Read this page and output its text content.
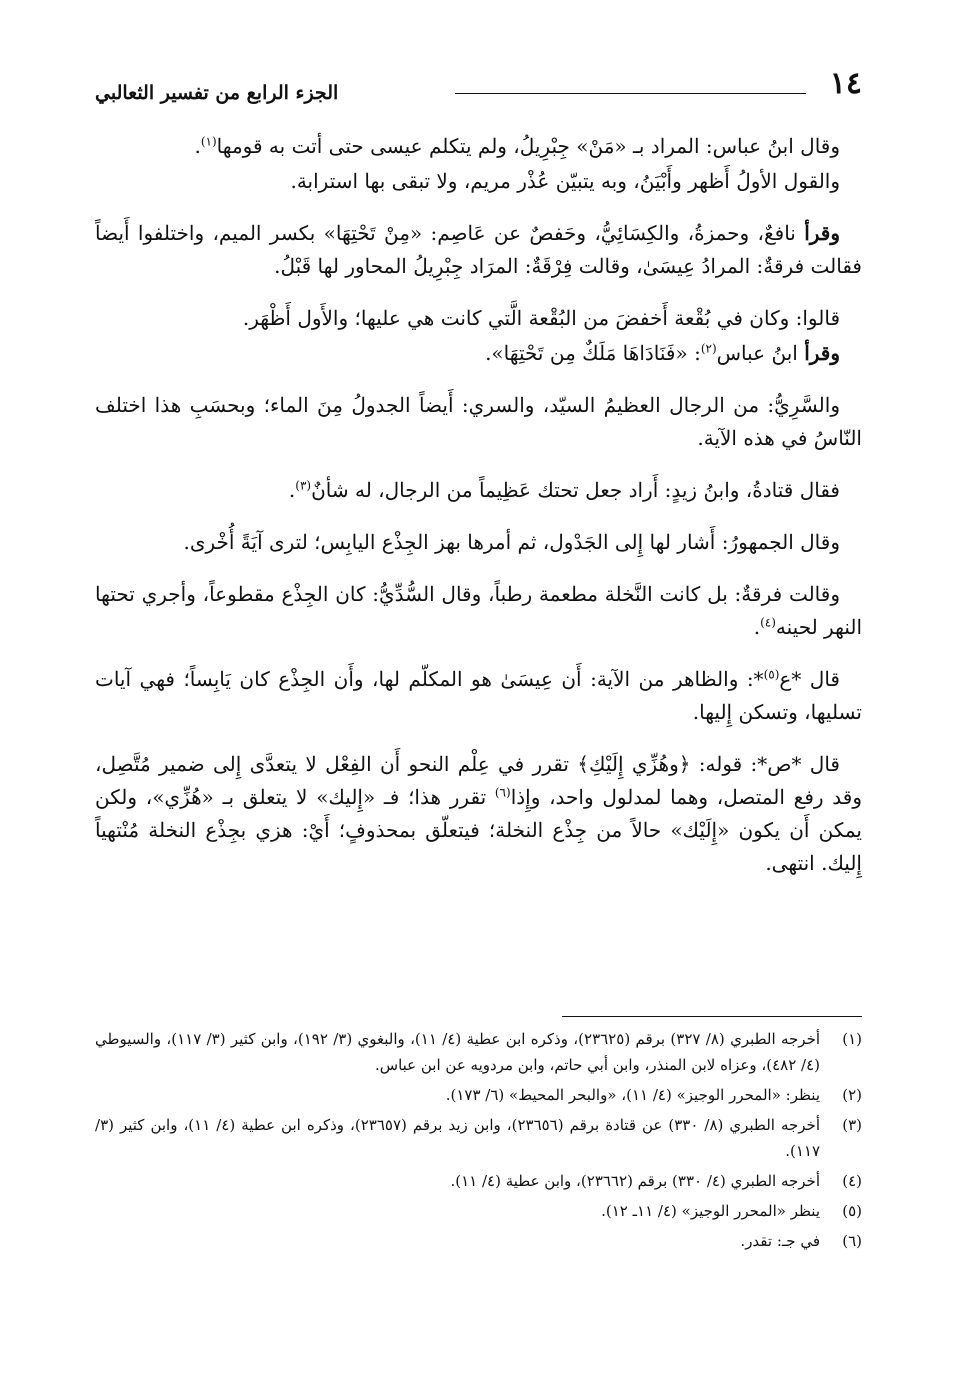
١٤
الجزء الرابع من تفسير الثعالبي

وقال ابنُ عباس: المراد بـ «مَنْ» جِبْرِيلُ، ولم يتكلم عيسى حتى أتت به قومها$^{(١)}$.

والقول الأولُ أَظهر وأَبْيَنُ، وبه يتبيّن عُذْر مريم، ولا تبقى بها استرابة.

وقرأ نافعٌ، وحمزةُ، والكِسَائِيُّ، وحَفصٌ عن عَاصِم: «مِنْ تَحْتِهَا» بكسر الميم، واختلفوا أَيضاً فقالت فرقةٌ: المرادُ عِيسَىٰ، وقالت فِرْقَةٌ: المرَاد جِبْرِيلُ المحاور لها قَبْلُ.

قالوا: وكان في بُقْعة أَخفضَ من البُقْعة الَّتي كانت هي عليها؛ والأَول أَظْهَر.

وقرأ ابنُ عباس$^{(٢)}$: «فَنَادَاهَا مَلَكٌ مِن تَحْتِهَا».

والسَّرِيُّ: من الرجال العظيمُ السيّد، والسري: أَيضاً الجدولُ مِنَ الماء؛ وبحسَبِ هذا اختلف النّاسُ في هذه الآية.

فقال قتادةُ، وابنُ زيدٍ: أَراد جعل تحتك عَظِيماً من الرجال، له شأنٌ$^{(٣)}$.

وقال الجمهورُ: أَشار لها إِلى الجَدْول، ثم أمرها بهز الجِذْع اليابِس؛ لترى آيَةً أُخْرى.

وقالت فرقةٌ: بل كانت النَّخلة مطعمة رطباً، وقال السُّدِّيُّ: كان الجِذْع مقطوعاً، وأجري تحتها النهر لحينه$^{(٤)}$.

قال *ع$^{(٥)}$*: والظاهر من الآية: أَن عِيسَىٰ هو المكلّم لها، وأَن الجِذْع كان يَابِساً؛ فهي آيات تسليها، وتسكن إِليها.

قال *ص*: قوله: ﴿وهُزِّي إِلَيْكِ﴾ تقرر في عِلْم النحو أَن الفِعْل لا يتعدَّى إِلى ضمير مُتَّصِل، وقد رفع المتصل، وهما لمدلول واحد، وإِذا$^{(٦)}$ تقرر هذا؛ فـ «إِليك» لا يتعلق بـ «هُزِّي»، ولكن يمكن أَن يكون «إِلَيْك» حالاً من جِذْع النخلة؛ فيتعلّق بمحذوفٍ؛ أَيْ: هزي بجِذْع النخلة مُنْتهياً إِليك. انتهى.

(١)
أخرجه الطبري (٨/ ٣٢٧) برقم (٢٣٦٢٥)، وذكره ابن عطية (٤/ ١١)، والبغوي (٣/ ١٩٢)، وابن كثير (٣/ ١١٧)، والسيوطي (٤/ ٤٨٢)، وعزاه لابن المنذر، وابن أبي حاتم، وابن مردويه عن ابن عباس.
(٢)
ينظر: «المحرر الوجيز» (٤/ ١١)، «والبحر المحيط» (٦/ ١٧٣).
(٣)
أخرجه الطبري (٨/ ٣٣٠) عن قتادة برقم (٢٣٦٥٦)، وابن زيد برقم (٢٣٦٥٧)، وذكره ابن عطية (٤/ ١١)، وابن كثير (٣/ ١١٧).
(٤)
أخرجه الطبري (٤/ ٣٣٠) برقم (٢٣٦٦٢)، وابن عطية (٤/ ١١).
(٥)
ينظر «المحرر الوجيز» (٤/ ١١ـ ١٢).
(٦)
في جـ: تقدر.
